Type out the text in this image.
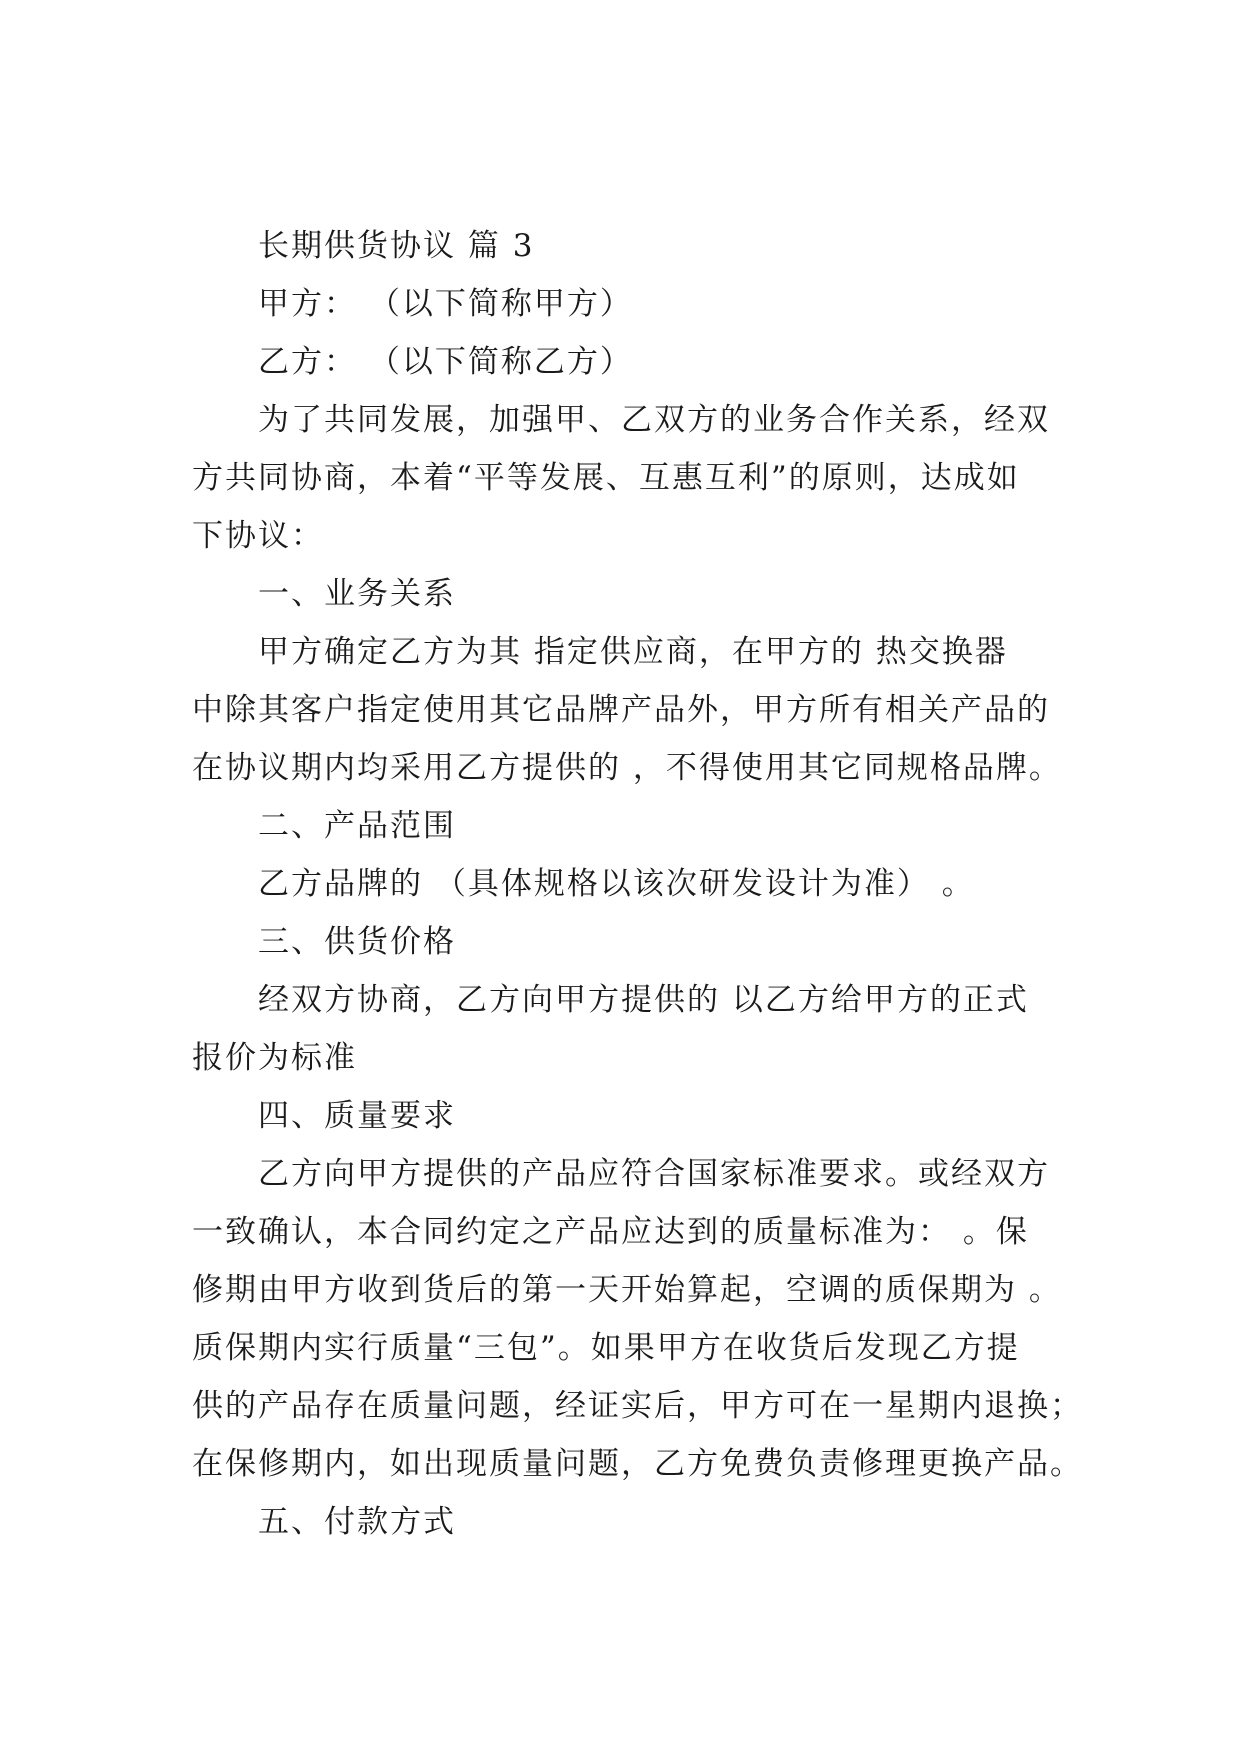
长期供货协议 篇 3
甲方： （以下简称甲方）
乙方： （以下简称乙方）
为了共同发展，加强甲、乙双方的业务合作关系，经双
方共同协商，本着“平等发展、互惠互利”的原则，达成如
下协议：
一、业务关系
甲方确定乙方为其 指定供应商，在甲方的 热交换器
中除其客户指定使用其它品牌产品外，甲方所有相关产品的
在协议期内均采用乙方提供的 ，不得使用其它同规格品牌。
二、产品范围
乙方品牌的 （具体规格以该次研发设计为准） 。
三、供货价格
经双方协商，乙方向甲方提供的 以乙方给甲方的正式
报价为标准
四、质量要求
乙方向甲方提供的产品应符合国家标准要求。或经双方
一致确认，本合同约定之产品应达到的质量标准为： 。保
修期由甲方收到货后的第一天开始算起，空调的质保期为 。
质保期内实行质量“三包”。如果甲方在收货后发现乙方提
供的产品存在质量问题，经证实后，甲方可在一星期内退换；
在保修期内，如出现质量问题，乙方免费负责修理更换产品。
五、付款方式
